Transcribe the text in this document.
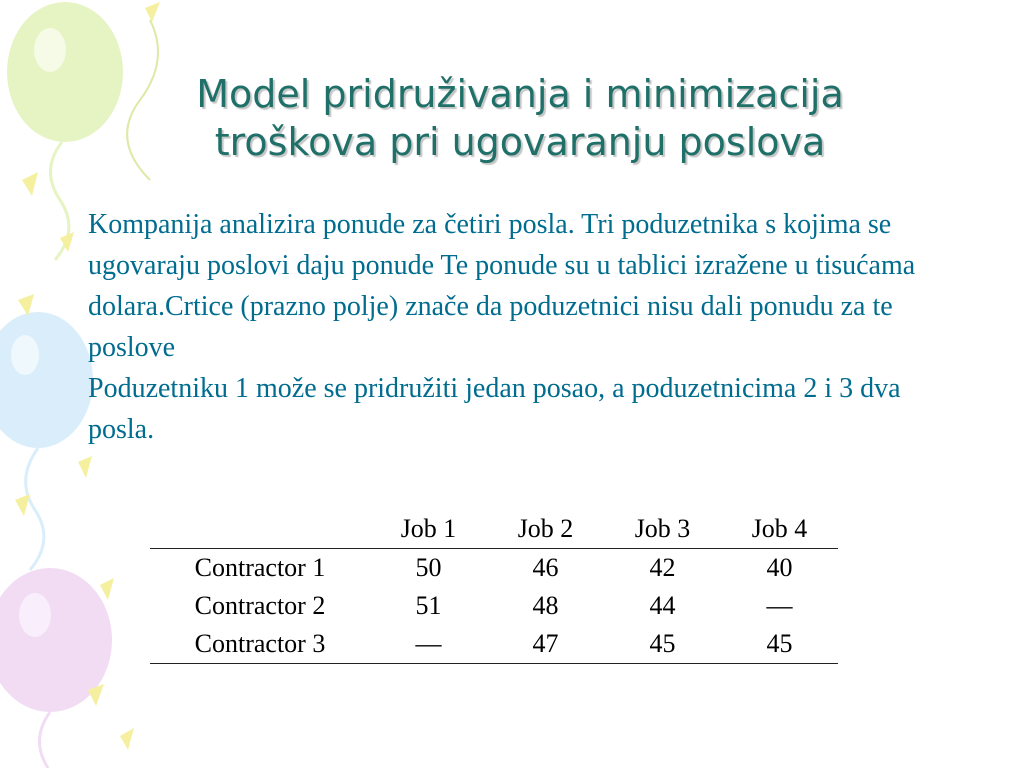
Model pridruživanja i minimizacija
troškova pri ugovaranju poslova

Kompanija analizira ponude za četiri posla. Tri poduzetnika s kojima se ugovaraju poslovi daju ponude Te ponude su u tablici izražene u tisućama dolara.Crtice (prazno polje) znače da poduzetnici nisu dali ponudu za te poslove

Poduzetniku 1 može se pridružiti jedan posao, a poduzetnicima 2 i 3 dva posla.

	Job 1	Job 2	Job 3	Job 4
Contractor 1	50	46	42	40
Contractor 2	51	48	44	—
Contractor 3	—	47	45	45
